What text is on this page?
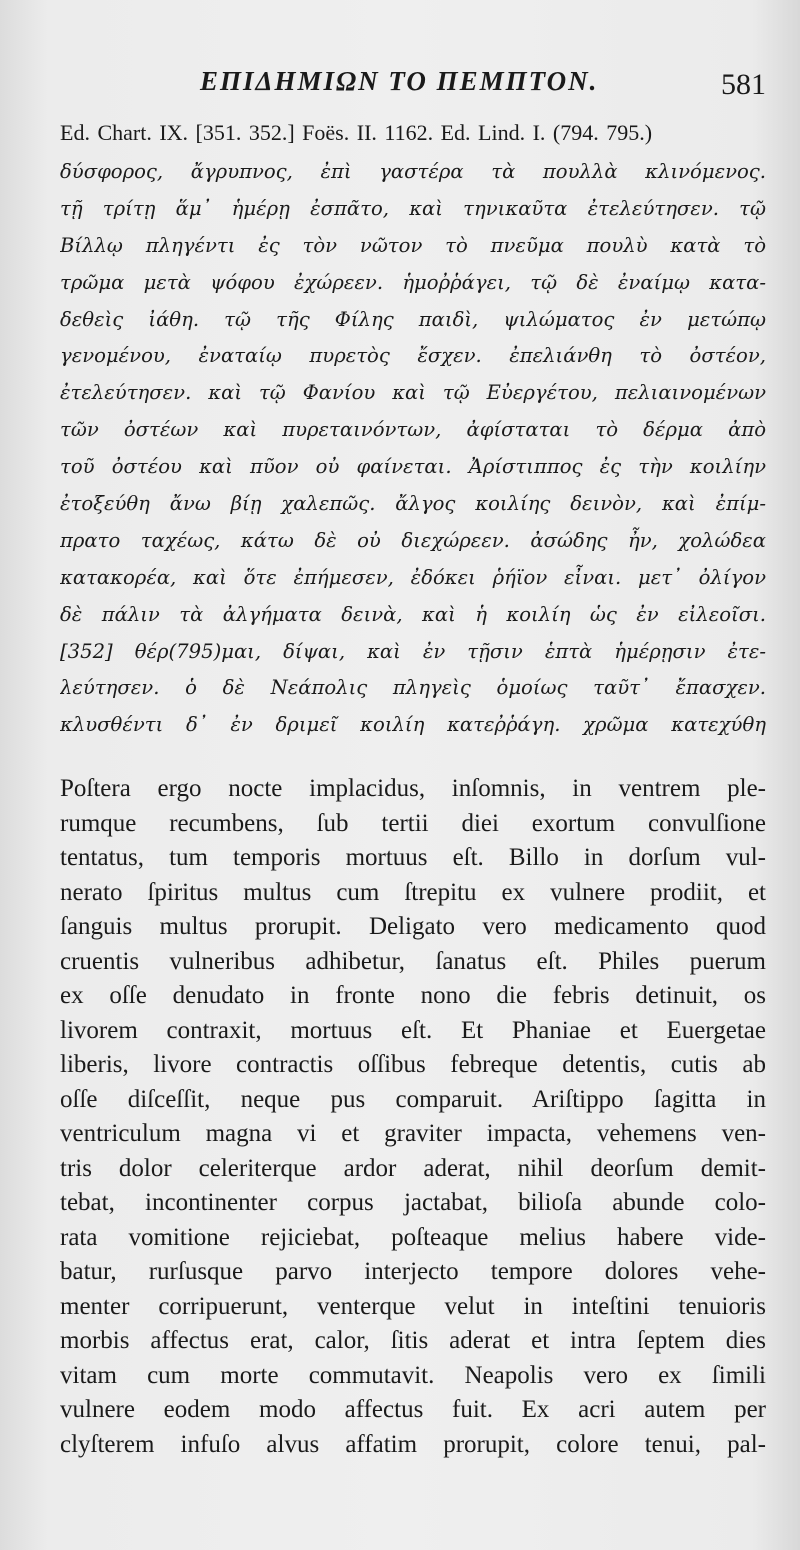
ΕΠΙΔΗΜΙΩΝ ΤΟ ΠΕΜΠΤΟΝ.	581
Ed. Chart. IX. [351. 352.] Foës. II. 1162. Ed. Lind. I. (794. 795.)
δύσφορος, ἄγρυπνος, ἐπὶ γαστέρα τὰ πουλλὰ κλινόμενος.
τῇ τρίτῃ ἅμ᾽ ἡμέρῃ ἐσπᾶτο, καὶ τηνικαῦτα ἐτελεύτησεν. τῷ
Βίλλῳ πληγέντι ἐς τὸν νῶτον τὸ πνεῦμα πουλὺ κατὰ τὸ
τρῶμα μετὰ ψόφου ἐχώρεεν. ἡμοῤῥάγει, τῷ δὲ ἐναίμῳ κατα-
δεθεὶς ἰάθη. τῷ τῆς Φίλης παιδὶ, ψιλώματος ἐν μετώπῳ
γενομένου, ἐναταίῳ πυρετὸς ἔσχεν. ἐπελιάνθη τὸ ὀστέον,
ἐτελεύτησεν. καὶ τῷ Φανίου καὶ τῷ Εὐεργέτου, πελιαινομένων
τῶν ὀστέων καὶ πυρεταινόντων, ἀφίσταται τὸ δέρμα ἀπὸ
τοῦ ὀστέου καὶ πῦον οὐ φαίνεται. Ἀρίστιππος ἐς τὴν κοιλίην
ἐτοξεύθη ἄνω βίῃ χαλεπῶς. ἄλγος κοιλίης δεινὸν, καὶ ἐπίμ-
πρατο ταχέως, κάτω δὲ οὐ διεχώρεεν. ἀσώδης ἦν, χολώδεα
κατακορέα, καὶ ὅτε ἐπήμεσεν, ἐδόκει ῥήϊον εἶναι. μετ᾽ ὀλίγον
δὲ πάλιν τὰ ἀλγήματα δεινὰ, καὶ ἡ κοιλίη ὡς ἐν εἰλεοῖσι.
[352] θέρ(795)μαι, δίψαι, καὶ ἐν τῇσιν ἑπτὰ ἡμέρῃσιν ἐτε-
λεύτησεν. ὁ δὲ Νεάπολις πληγεὶς ὁμοίως ταῦτ᾽ ἔπασχεν.
κλυσθέντι δ᾽ ἐν δριμεῖ κοιλίη κατεῤῥάγη. χρῶμα κατεχύθη
Poſtera ergo nocte implacidus, inſomnis, in ventrem ple-
rumque recumbens, ſub tertii diei exortum convulſione
tentatus, tum temporis mortuus eſt. Billo in dorſum vul-
nerato ſpiritus multus cum ſtrepitu ex vulnere prodiit, et
ſanguis multus prorupit. Deligato vero medicamento quod
cruentis vulneribus adhibetur, ſanatus eſt. Philes puerum
ex oſſe denudato in fronte nono die febris detinuit, os
livorem contraxit, mortuus eſt. Et Phaniae et Euergetae
liberis, livore contractis oſſibus febreque detentis, cutis ab
oſſe diſceſſit, neque pus comparuit. Ariſtippo ſagitta in
ventriculum magna vi et graviter impacta, vehemens ven-
tris dolor celeriterque ardor aderat, nihil deorſum demit-
tebat, incontinenter corpus jactabat, bilioſa abunde colo-
rata vomitione rejiciebat, poſteaque melius habere vide-
batur, rurſusque parvo interjecto tempore dolores vehe-
menter corripuerunt, venterque velut in inteſtini tenuioris
morbis affectus erat, calor, ſitis aderat et intra ſeptem dies
vitam cum morte commutavit. Neapolis vero ex ſimili
vulnere eodem modo affectus fuit. Ex acri autem per
clyſterem infuſo alvus affatim prorupit, colore tenui, pal-
